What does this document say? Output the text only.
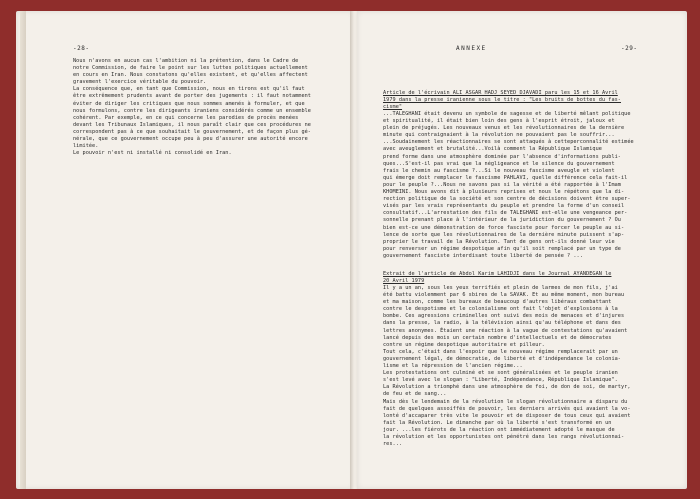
-28-
Nous n'avons en aucun cas l'ambition ni la prétention, dans le Cadre de
notre Commission, de faire le point sur les luttes politiques actuellement
en cours en Iran. Nous constatons qu'elles existent, et qu'elles affectent
gravement l'exercice véritable du pouvoir.
La conséquence que, en tant que Commission, nous en tirons est qu'il faut
être extrêmement prudents avant de porter des jugements : il faut notamment
éviter de diriger les critiques que nous sommes amenés à formuler, et que
nous formulons, contre les dirigeants iraniens considérés comme un ensemble
cohérent. Par exemple, en ce qui concerne les parodies de procès menées
devant les Tribunaux Islamiques, il nous paraît clair que ces procédures ne
correspondent pas à ce que souhaitait le gouvernement, et de façon plus gé-
nérale, que ce gouvernement occupe peu à peu d'assurer une autorité encore
limitée.
Le pouvoir n'est ni installé ni consolidé en Iran.
ANNEXE	-29-
Article de l'écrivain ALI ASGAR HADJ SEYED DJAVADI paru les 15 et 16 Avril
1979 dans la presse iranienne sous le titre : "Les bruits de bottes du fas-
cisme"
...TALEGHANI était devenu un symbole de sagesse et de liberté mêlant politique
et spiritualité, il était bien loin des gens à l'esprit étroit, jaloux et
plein de préjugés. Les nouveaux venus et les révolutionnaires de la dernière
minute qui contraignaient à la révolution ne pouvaient pas le souffrir...
...Soudainement les réactionnaires se sont attaqués à cetteperconnalité estimée
avec aveuglement et brutalité...Voilà comment la République Islamique
prend forme dans une atmosphère dominée par l'absence d'informations publi-
ques...S'est-il pas vrai que la négligeance et le silence du gouvernement
frais le chemin au fascisme ?...Si le nouveau fascisme aveugle et violent
qui émerge doit remplacer le fascisme PAHLAVI, quelle différence cela fait-il
pour le peuple ?...Nous ne savons pas si la vérité a été rapportée à l'Imam
KHOMEINI. Nous avons dit à plusieurs reprises et nous le répétons que la di-
rection politique de la société et son centre de décisions doivent être super-
visés par les vrais représentants du peuple et prendre la forme d'un conseil
consultatif...L'arrestation des fils de TALEGHANI est-elle une vengeance per-
sonnelle prenant place à l'intérieur de la juridiction du gouvernement ? Ou
bien est-ce une démonstration de force fasciste pour forcer le peuple au si-
lence de sorte que les révolutionnaires de la dernière minute puissent s'ap-
proprier le travail de la Révolution. Tant de gens ont-ils donné leur vie
pour renverser un régime despotique afin qu'il soit remplacé par un type de
gouvernement fasciste interdisant toute liberté de pensée ? ...
Extrait de l'article de Abdol Karim LAHIDJI dans le Journal AYANDEGAN le
20 Avril 1979
Il y a un an, sous les yeux terrifiés et plein de larmes de mon fils, j'ai
été battu violemment par 6 sbires de la SAVAK. Et au même moment, mon bureau
et ma maison, comme les bureaux de beaucoup d'autres libéraux combattant
contre le despotisme et le colonialisme ont fait l'objet d'explosions à la
bombe. Ces agressions criminelles ont suivi des mois de menaces et d'injures
dans la presse, la radio, à la télévision ainsi qu'au téléphone et dans des
lettres anonymes. Étaient une réaction à la vague de contestations qu'avaient
lancé depuis des mois un certain nombre d'intellectuels et de démocrates
contre un régime despotique autoritaire et pilleur.
Tout cela, c'était dans l'espoir que le nouveau régime remplacerait par un
gouvernement légal, de démocratie, de liberté et d'indépendance le colonia-
lisme et la répression de l'ancien régime...
Les protestations ont culminé et se sont généralisées et le peuple iranien
s'est levé avec le slogan : "Liberté, Indépendance, République Islamique".
La Révolution a triomphé dans une atmosphère de foi, de don de soi, de martyr,
de feu et de sang...
Mais dès le lendemain de la révolution le slogan révolutionnaire a disparu du
fait de quelques assoiffés de pouvoir, les derniers arrivés qui avaient la vo-
lonté d'accaparer très vite le pouvoir et de disposer de tous ceux qui avaient
fait la Révolution. Le dimanche par où la liberté s'est transformé en un
jour. ...les fiérots de la réaction ont immédiatement adopté le masque de
la révolution et les opportunistes ont pénétré dans les rangs révolutionnai-
res...
